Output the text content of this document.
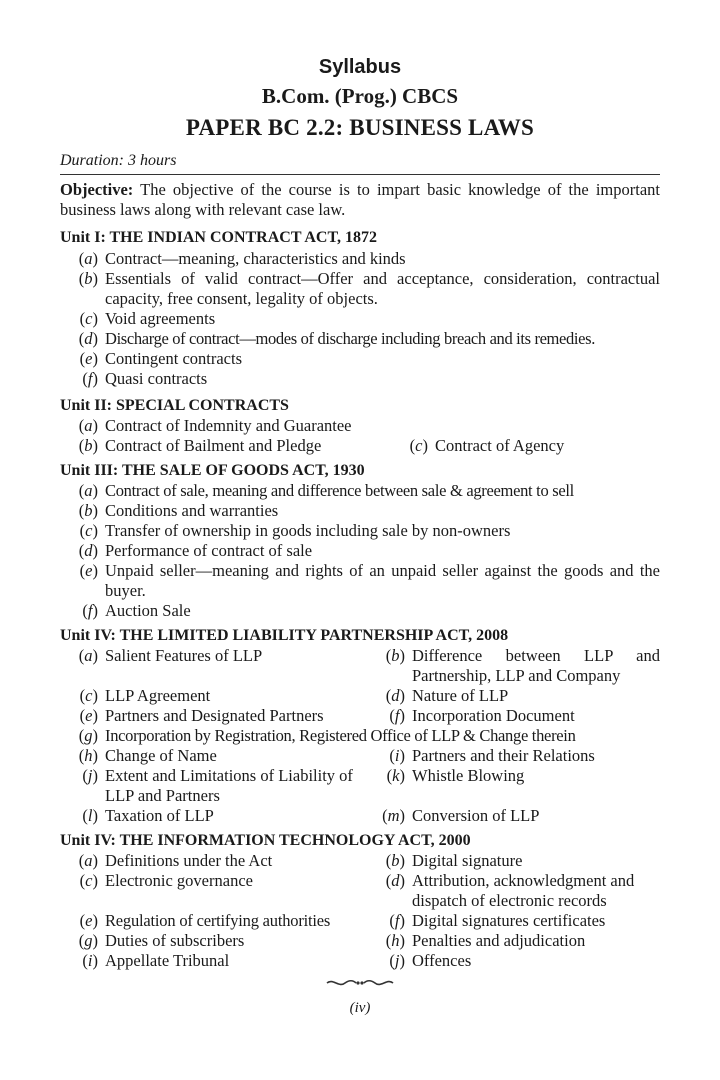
Syllabus
B.Com. (Prog.) CBCS
PAPER BC 2.2: BUSINESS LAWS
Duration: 3 hours
Objective: The objective of the course is to impart basic knowledge of the important business laws along with relevant case law.
Unit I: THE INDIAN CONTRACT ACT, 1872
(a) Contract—meaning, characteristics and kinds
(b) Essentials of valid contract—Offer and acceptance, consideration, contractual capacity, free consent, legality of objects.
(c) Void agreements
(d) Discharge of contract—modes of discharge including breach and its remedies.
(e) Contingent contracts
(f) Quasi contracts
Unit II: SPECIAL CONTRACTS
(a) Contract of Indemnity and Guarantee
(b) Contract of Bailment and Pledge	(c) Contract of Agency
Unit III: THE SALE OF GOODS ACT, 1930
(a) Contract of sale, meaning and difference between sale & agreement to sell
(b) Conditions and warranties
(c) Transfer of ownership in goods including sale by non-owners
(d) Performance of contract of sale
(e) Unpaid seller—meaning and rights of an unpaid seller against the goods and the buyer.
(f) Auction Sale
Unit IV: THE LIMITED LIABILITY PARTNERSHIP ACT, 2008
(a) Salient Features of LLP	(b) Difference between LLP and Partnership, LLP and Company
(c) LLP Agreement	(d) Nature of LLP
(e) Partners and Designated Partners	(f) Incorporation Document
(g) Incorporation by Registration, Registered Office of LLP & Change therein
(h) Change of Name	(i) Partners and their Relations
(j) Extent and Limitations of Liability of LLP and Partners
(k) Whistle Blowing
(l) Taxation of LLP	(m) Conversion of LLP
Unit IV: THE INFORMATION TECHNOLOGY ACT, 2000
(a) Definitions under the Act	(b) Digital signature
(c) Electronic governance	(d) Attribution, acknowledgment and dispatch of electronic records
(e) Regulation of certifying authorities	(f) Digital signatures certificates
(g) Duties of subscribers	(h) Penalties and adjudication
(i) Appellate Tribunal	(j) Offences
(iv)
